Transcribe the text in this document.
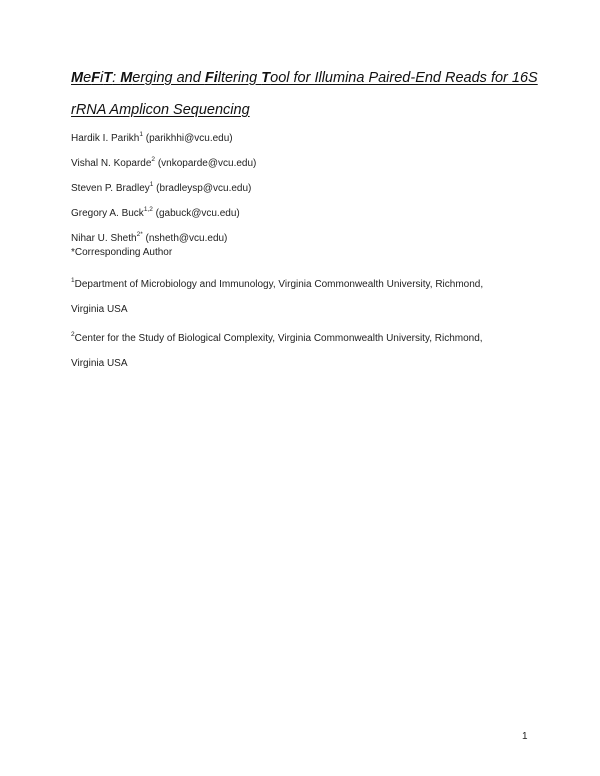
MeFiT: Merging and Filtering Tool for Illumina Paired-End Reads for 16S
rRNA Amplicon Sequencing
Hardik I. Parikh$^1$ (parikhhi@vcu.edu)
Vishal N. Koparde$^2$ (vnkoparde@vcu.edu)
Steven P. Bradley$^1$ (bradleysp@vcu.edu)
Gregory A. Buck$^{1,2}$ (gabuck@vcu.edu)
Nihar U. Sheth$^{2*}$ (nsheth@vcu.edu)
*Corresponding Author
$^1$Department of Microbiology and Immunology, Virginia Commonwealth University, Richmond,
Virginia USA
$^2$Center for the Study of Biological Complexity, Virginia Commonwealth University, Richmond,
Virginia USA
1
